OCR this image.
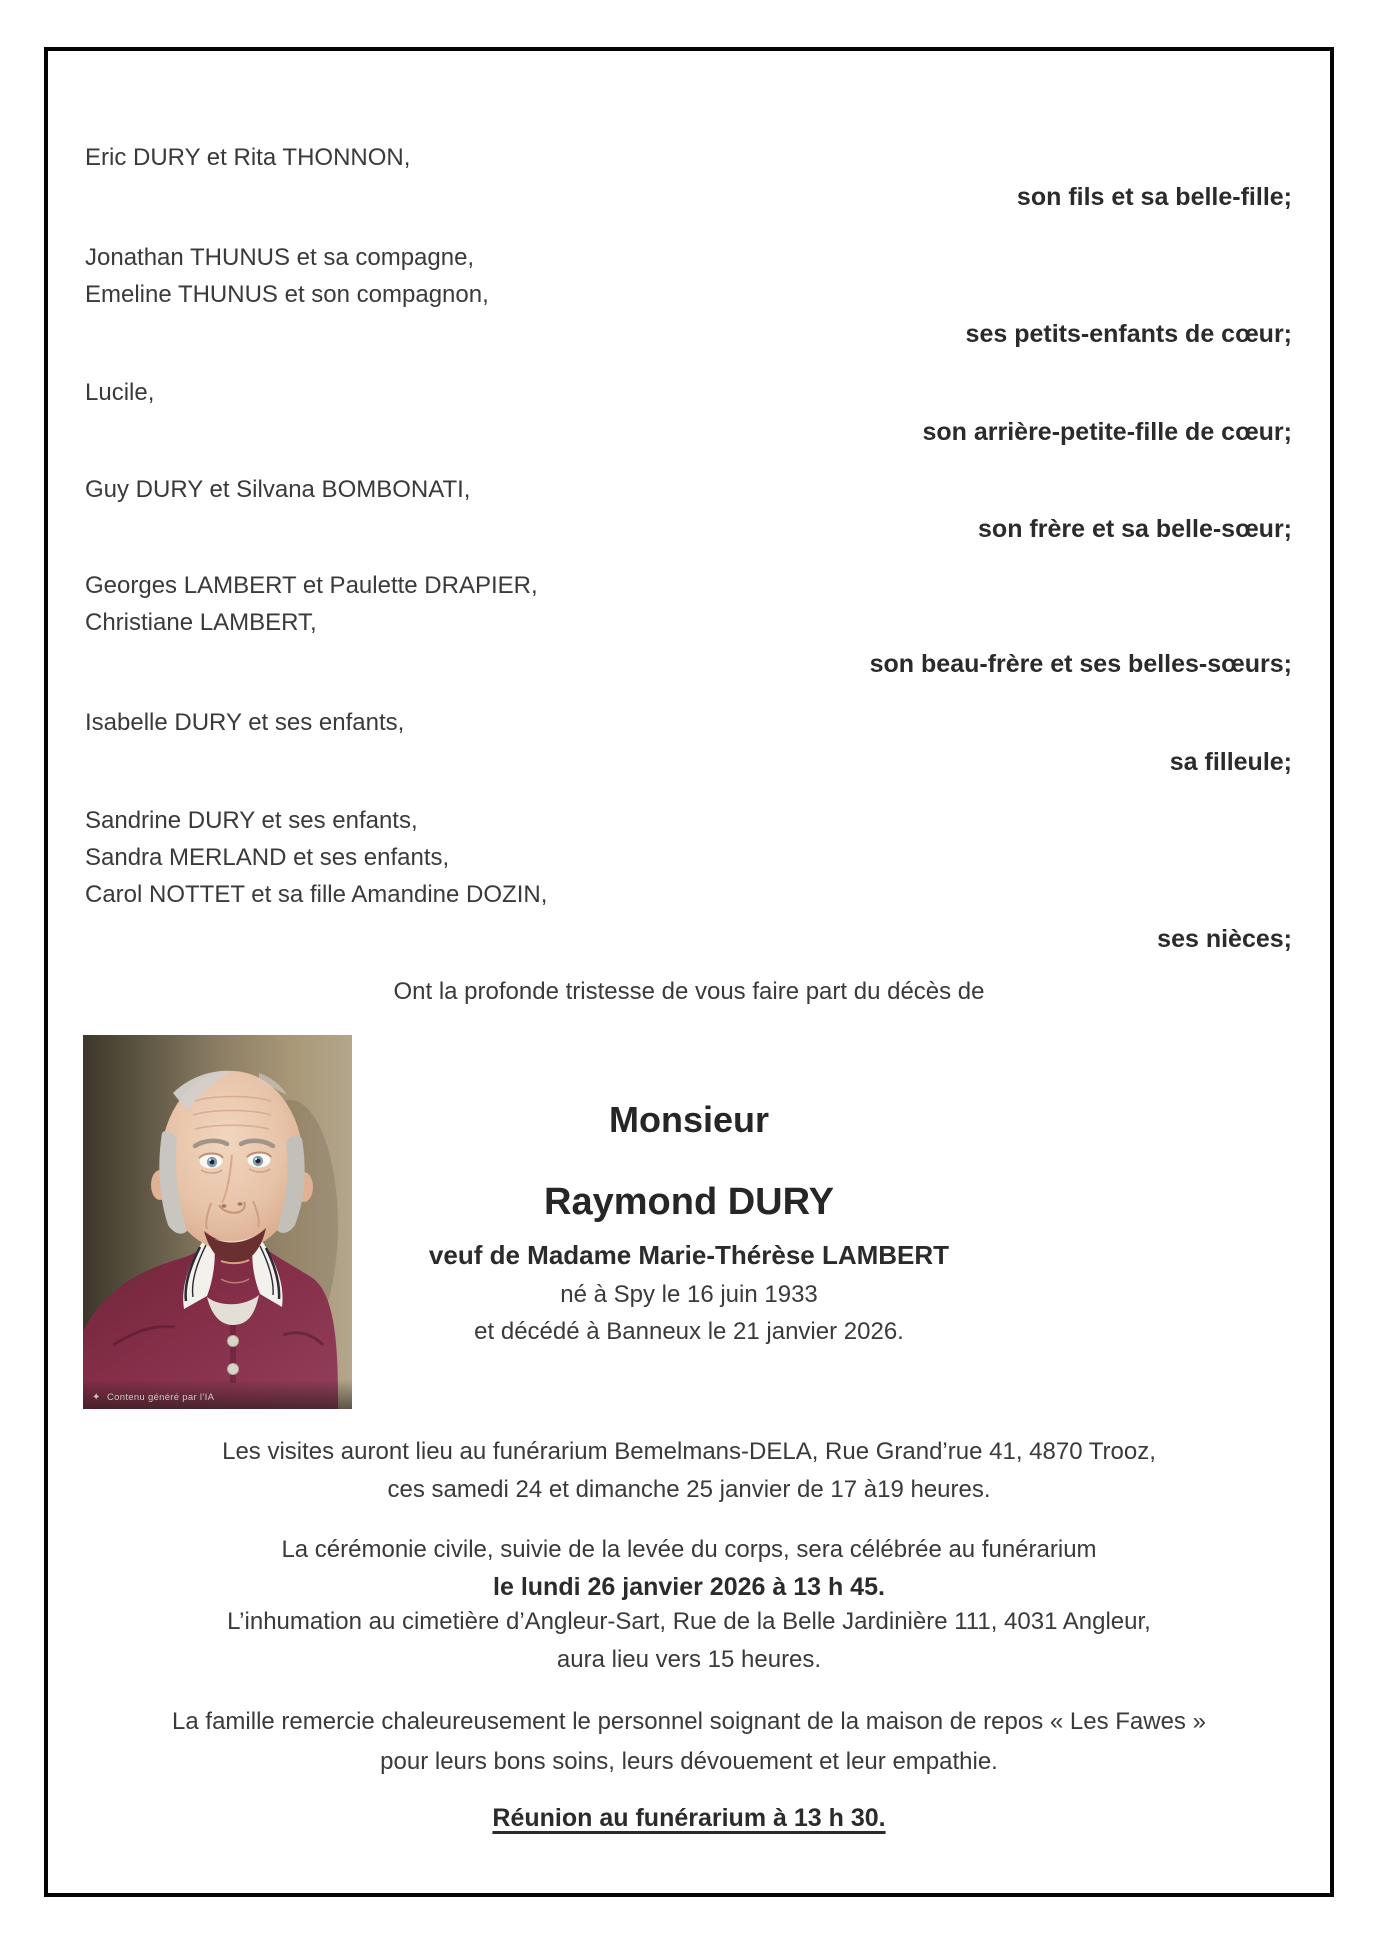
Eric DURY et Rita THONNON,
son fils et sa belle-fille;
Jonathan THUNUS et sa compagne,
Emeline THUNUS et son compagnon,
ses petits-enfants de cœur;
Lucile,
son arrière-petite-fille de cœur;
Guy DURY et Silvana BOMBONATI,
son frère et sa belle-sœur;
Georges LAMBERT et Paulette DRAPIER,
Christiane LAMBERT,
son beau-frère et ses belles-sœurs;
Isabelle DURY et ses enfants,
sa filleule;
Sandrine DURY et ses enfants,
Sandra MERLAND et ses enfants,
Carol NOTTET et sa fille Amandine DOZIN,
ses nièces;
Ont la profonde tristesse de vous faire part du décès de
✦ Contenu généré par l’IA
Monsieur
Raymond DURY
veuf de Madame Marie-Thérèse LAMBERT
né à Spy le 16 juin 1933
et décédé à Banneux le 21 janvier 2026.
Les visites auront lieu au funérarium Bemelmans-DELA, Rue Grand’rue 41, 4870 Trooz,
ces samedi 24 et dimanche 25 janvier de 17 à19 heures.
La cérémonie civile, suivie de la levée du corps, sera célébrée au funérarium
le lundi 26 janvier 2026 à 13 h 45.
L’inhumation au cimetière d’Angleur-Sart, Rue de la Belle Jardinière 111, 4031 Angleur,
aura lieu vers 15 heures.
La famille remercie chaleureusement le personnel soignant de la maison de repos « Les Fawes »
pour leurs bons soins, leurs dévouement et leur empathie.
Réunion au funérarium à 13 h 30.
